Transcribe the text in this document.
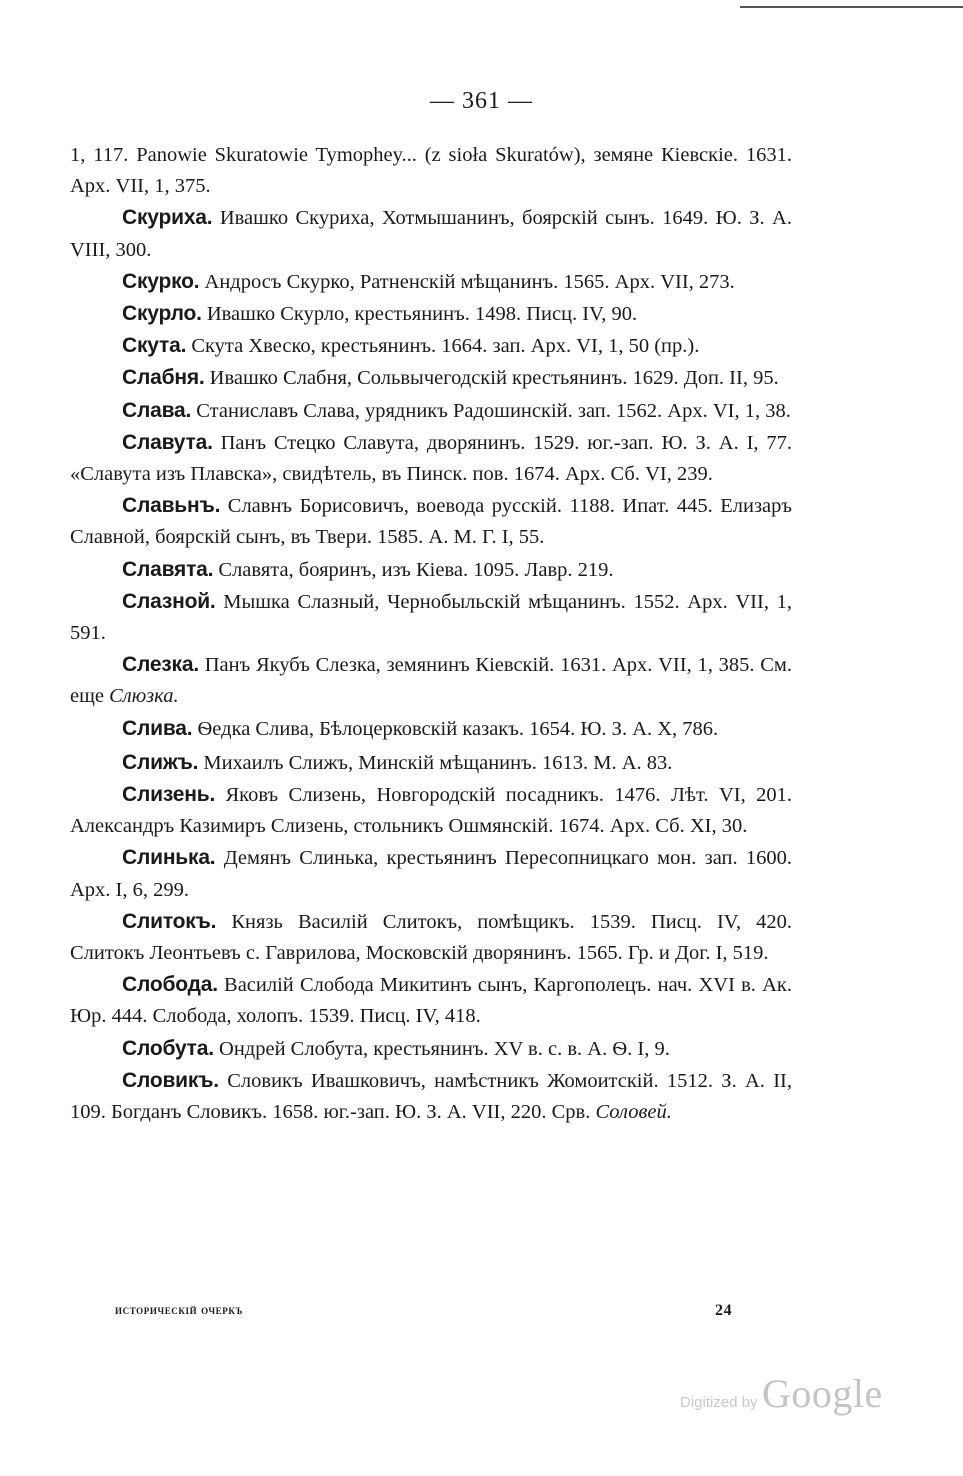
— 361 —

1, 117. Panowie Skuratowie Tymophey... (z sioła Skuratów), земяне Кіевскіе. 1631. Арх. VII, 1, 375.

Скуриха. Ивашко Скуриха, Хотмышанинъ, боярскій сынъ. 1649. Ю. З. А. VIII, 300.

Скурко. Андросъ Скурко, Ратненскій мѣщанинъ. 1565. Арх. VII, 273.

Скурло. Ивашко Скурло, крестьянинъ. 1498. Писц. IV, 90.

Скута. Скута Хвеско, крестьянинъ. 1664. зап. Арх. VI, 1, 50 (пр.).

Слабня. Ивашко Слабня, Сольвычегодскій крестьянинъ. 1629. Доп. II, 95.

Слава. Станиславъ Слава, урядникъ Радошинскій. зап. 1562. Арх. VI, 1, 38.

Славута. Панъ Стецко Славута, дворянинъ. 1529. юг.-зап. Ю. З. А. I, 77. «Славута изъ Плавска», свидѣтель, въ Пинск. пов. 1674. Арх. Сб. VI, 239.

Славьнъ. Славнъ Борисовичъ, воевода русскій. 1188. Ипат. 445. Елизаръ Славной, боярскій сынъ, въ Твери. 1585. А. М. Г. I, 55.

Славята. Славята, бояринъ, изъ Кіева. 1095. Лавр. 219.

Слазной. Мышка Слазный, Чернобыльскій мѣщанинъ. 1552. Арх. VII, 1, 591.

Слезка. Панъ Якубъ Слезка, земянинъ Кіевскій. 1631. Арх. VII, 1, 385. См. еще Слюзка.

Слива. Ѳедка Слива, Бѣлоцерковскій казакъ. 1654. Ю. З. А. X, 786.

Слижъ. Михаилъ Слижъ, Минскій мѣщанинъ. 1613. М. А. 83.

Слизень. Яковъ Слизень, Новгородскій посадникъ. 1476. Лѣт. VI, 201. Александръ Казимиръ Слизень, стольникъ Ошмянскій. 1674. Арх. Сб. XI, 30.

Слинька. Демянъ Слинька, крестьянинъ Пересопницкаго мон. зап. 1600. Арх. I, 6, 299.

Слитокъ. Князь Василій Слитокъ, помѣщикъ. 1539. Писц. IV, 420. Слитокъ Леонтьевъ с. Гаврилова, Московскій дворянинъ. 1565. Гр. и Дог. I, 519.

Слобода. Василій Слобода Микитинъ сынъ, Каргополецъ. нач. XVI в. Ак. Юр. 444. Слобода, холопъ. 1539. Писц. IV, 418.

Слобута. Ондрей Слобута, крестьянинъ. XV в. с. в. А. Ѳ. I, 9.

Словикъ. Словикъ Ивашковичъ, намѣстникъ Жомоитскій. 1512. З. А. II, 109. Богданъ Словикъ. 1658. юг.-зап. Ю. З. А. VII, 220. Срв. Соловей.

историческій очеркъ	24
Digitized by Google
